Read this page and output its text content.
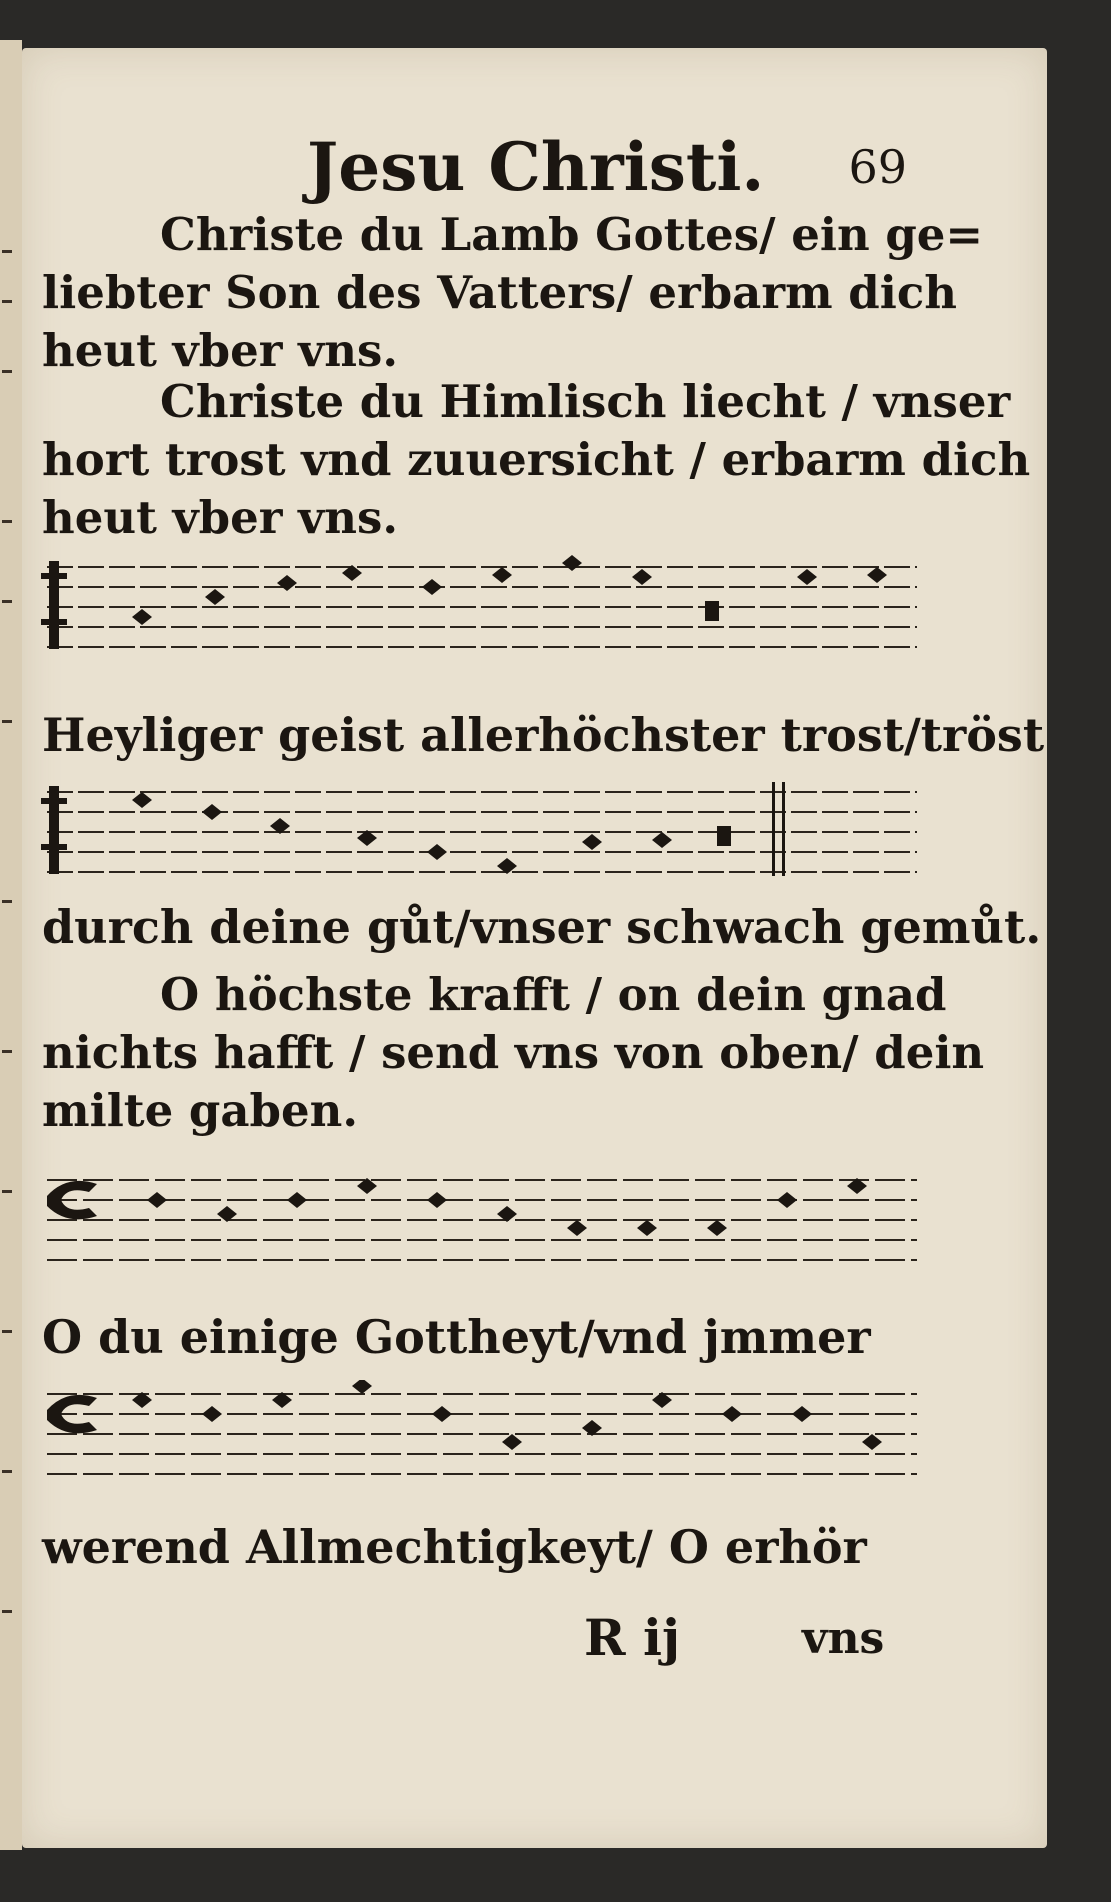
Jesu Christi. 69
Christe du Lamb Gottes/ ein ge=
liebter Son des Vatters/ erbarm dich
heut vber vns.
Christe du Himlisch liecht / vnser
hort trost vnd zuuersicht / erbarm dich
heut vber vns.
Heyliger geist allerhöchster trost/tröst
durch deine gůt/vnser schwach gemůt.
O höchste krafft / on dein gnad
nichts hafft / send vns von oben/ dein
milte gaben.
O du einige Gottheyt/vnd jmmer
werend Allmechtigkeyt/ O erhör
R ij	vns
